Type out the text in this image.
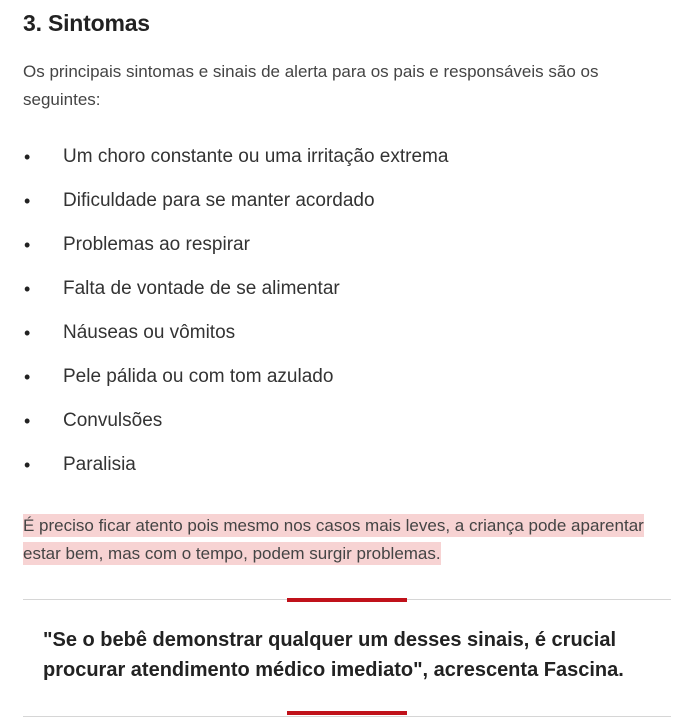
3. Sintomas

Os principais sintomas e sinais de alerta para os pais e responsáveis são os seguintes:

• Um choro constante ou uma irritação extrema
• Dificuldade para se manter acordado
• Problemas ao respirar
• Falta de vontade de se alimentar
• Náuseas ou vômitos
• Pele pálida ou com tom azulado
• Convulsões
• Paralisia

É preciso ficar atento pois mesmo nos casos mais leves, a criança pode aparentar estar bem, mas com o tempo, podem surgir problemas.

"Se o bebê demonstrar qualquer um desses sinais, é crucial procurar atendimento médico imediato", acrescenta Fascina.
